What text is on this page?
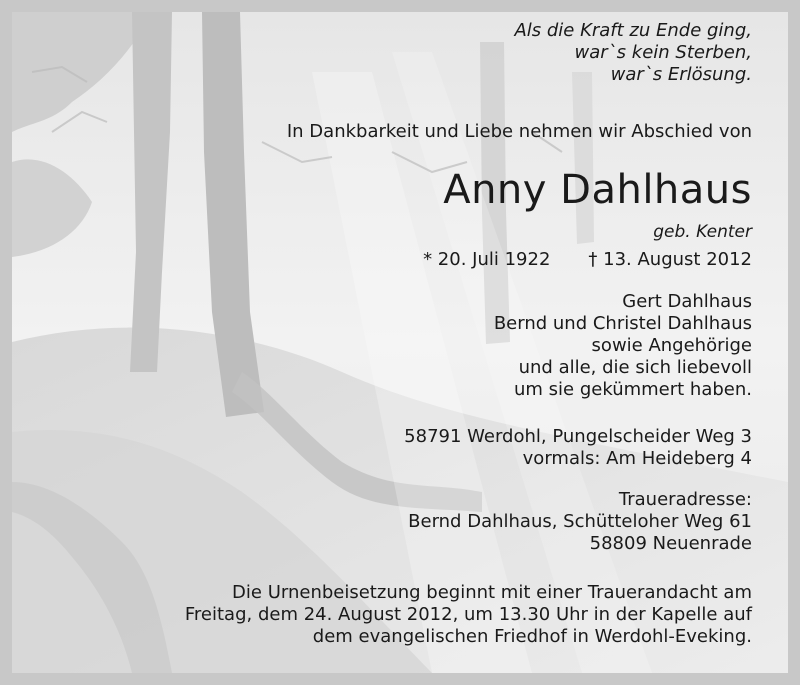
Als die Kraft zu Ende ging,
war`s kein Sterben,
war`s Erlösung.
In Dankbarkeit und Liebe nehmen wir Abschied von
Anny Dahlhaus
geb. Kenter
* 20. Juli 1922 † 13. August 2012
Gert Dahlhaus
Bernd und Christel Dahlhaus
sowie Angehörige
und alle, die sich liebevoll
um sie gekümmert haben.
58791 Werdohl, Pungelscheider Weg 3
vormals: Am Heideberg 4
Traueradresse:
Bernd Dahlhaus, Schütteloher Weg 61
58809 Neuenrade
Die Urnenbeisetzung beginnt mit einer Trauerandacht am
Freitag, dem 24. August 2012, um 13.30 Uhr in der Kapelle auf
dem evangelischen Friedhof in Werdohl-Eveking.
